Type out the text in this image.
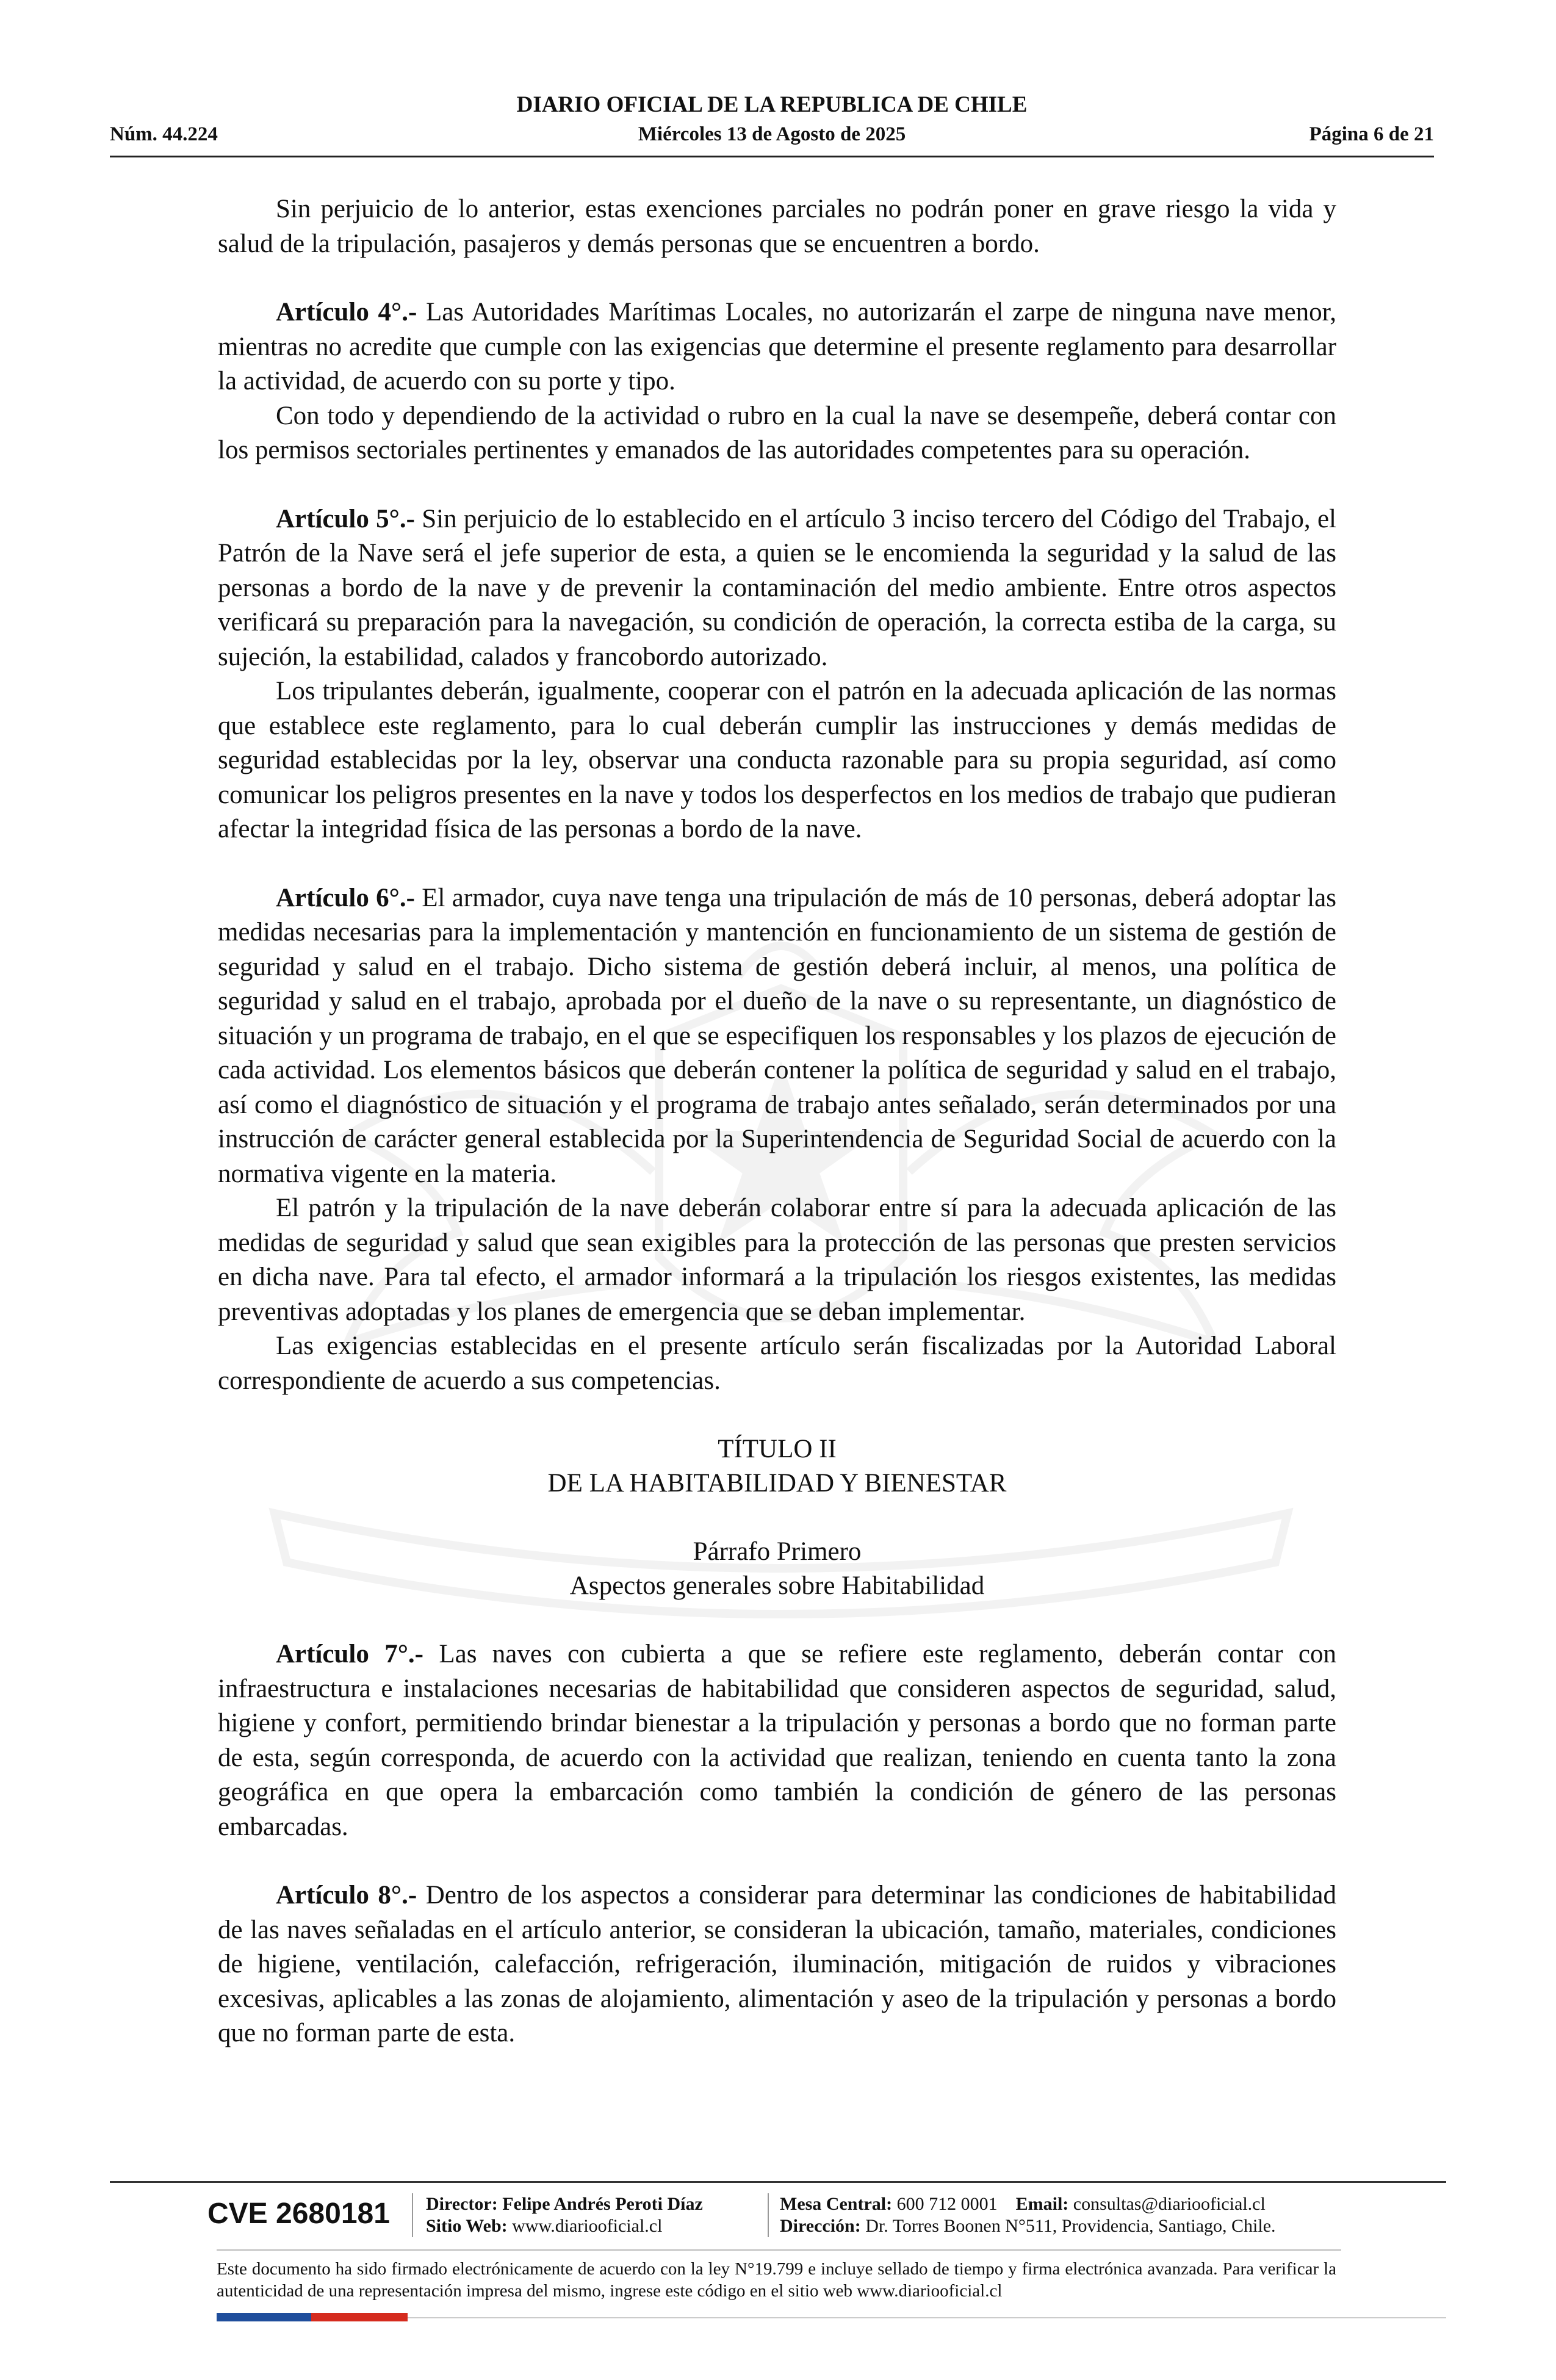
DIARIO OFICIAL DE LA REPUBLICA DE CHILE
Núm. 44.224	Miércoles 13 de Agosto de 2025	Página 6 de 21

Sin perjuicio de lo anterior, estas exenciones parciales no podrán poner en grave riesgo la vida y salud de la tripulación, pasajeros y demás personas que se encuentren a bordo.

Artículo 4°.- Las Autoridades Marítimas Locales, no autorizarán el zarpe de ninguna nave menor, mientras no acredite que cumple con las exigencias que determine el presente reglamento para desarrollar la actividad, de acuerdo con su porte y tipo.

Con todo y dependiendo de la actividad o rubro en la cual la nave se desempeñe, deberá contar con los permisos sectoriales pertinentes y emanados de las autoridades competentes para su operación.

Artículo 5°.- Sin perjuicio de lo establecido en el artículo 3 inciso tercero del Código del Trabajo, el Patrón de la Nave será el jefe superior de esta, a quien se le encomienda la seguridad y la salud de las personas a bordo de la nave y de prevenir la contaminación del medio ambiente. Entre otros aspectos verificará su preparación para la navegación, su condición de operación, la correcta estiba de la carga, su sujeción, la estabilidad, calados y francobordo autorizado.

Los tripulantes deberán, igualmente, cooperar con el patrón en la adecuada aplicación de las normas que establece este reglamento, para lo cual deberán cumplir las instrucciones y demás medidas de seguridad establecidas por la ley, observar una conducta razonable para su propia seguridad, así como comunicar los peligros presentes en la nave y todos los desperfectos en los medios de trabajo que pudieran afectar la integridad física de las personas a bordo de la nave.

Artículo 6°.- El armador, cuya nave tenga una tripulación de más de 10 personas, deberá adoptar las medidas necesarias para la implementación y mantención en funcionamiento de un sistema de gestión de seguridad y salud en el trabajo. Dicho sistema de gestión deberá incluir, al menos, una política de seguridad y salud en el trabajo, aprobada por el dueño de la nave o su representante, un diagnóstico de situación y un programa de trabajo, en el que se especifiquen los responsables y los plazos de ejecución de cada actividad. Los elementos básicos que deberán contener la política de seguridad y salud en el trabajo, así como el diagnóstico de situación y el programa de trabajo antes señalado, serán determinados por una instrucción de carácter general establecida por la Superintendencia de Seguridad Social de acuerdo con la normativa vigente en la materia.

El patrón y la tripulación de la nave deberán colaborar entre sí para la adecuada aplicación de las medidas de seguridad y salud que sean exigibles para la protección de las personas que presten servicios en dicha nave. Para tal efecto, el armador informará a la tripulación los riesgos existentes, las medidas preventivas adoptadas y los planes de emergencia que se deban implementar.

Las exigencias establecidas en el presente artículo serán fiscalizadas por la Autoridad Laboral correspondiente de acuerdo a sus competencias.

TÍTULO II

DE LA HABITABILIDAD Y BIENESTAR

Párrafo Primero

Aspectos generales sobre Habitabilidad

Artículo 7°.- Las naves con cubierta a que se refiere este reglamento, deberán contar con infraestructura e instalaciones necesarias de habitabilidad que consideren aspectos de seguridad, salud, higiene y confort, permitiendo brindar bienestar a la tripulación y personas a bordo que no forman parte de esta, según corresponda, de acuerdo con la actividad que realizan, teniendo en cuenta tanto la zona geográfica en que opera la embarcación como también la condición de género de las personas embarcadas.

Artículo 8°.- Dentro de los aspectos a considerar para determinar las condiciones de habitabilidad de las naves señaladas en el artículo anterior, se consideran la ubicación, tamaño, materiales, condiciones de higiene, ventilación, calefacción, refrigeración, iluminación, mitigación de ruidos y vibraciones excesivas, aplicables a las zonas de alojamiento, alimentación y aseo de la tripulación y personas a bordo que no forman parte de esta.

CVE 2680181 Director: Felipe Andrés Peroti Díaz
Sitio Web: www.diariooficial.cl
Mesa Central: 600 712 0001 Email: consultas@diariooficial.cl
Dirección: Dr. Torres Boonen N°511, Providencia, Santiago, Chile.
Este documento ha sido firmado electrónicamente de acuerdo con la ley N°19.799 e incluye sellado de tiempo y firma electrónica avanzada. Para verificar la autenticidad de una representación impresa del mismo, ingrese este código en el sitio web www.diariooficial.cl
